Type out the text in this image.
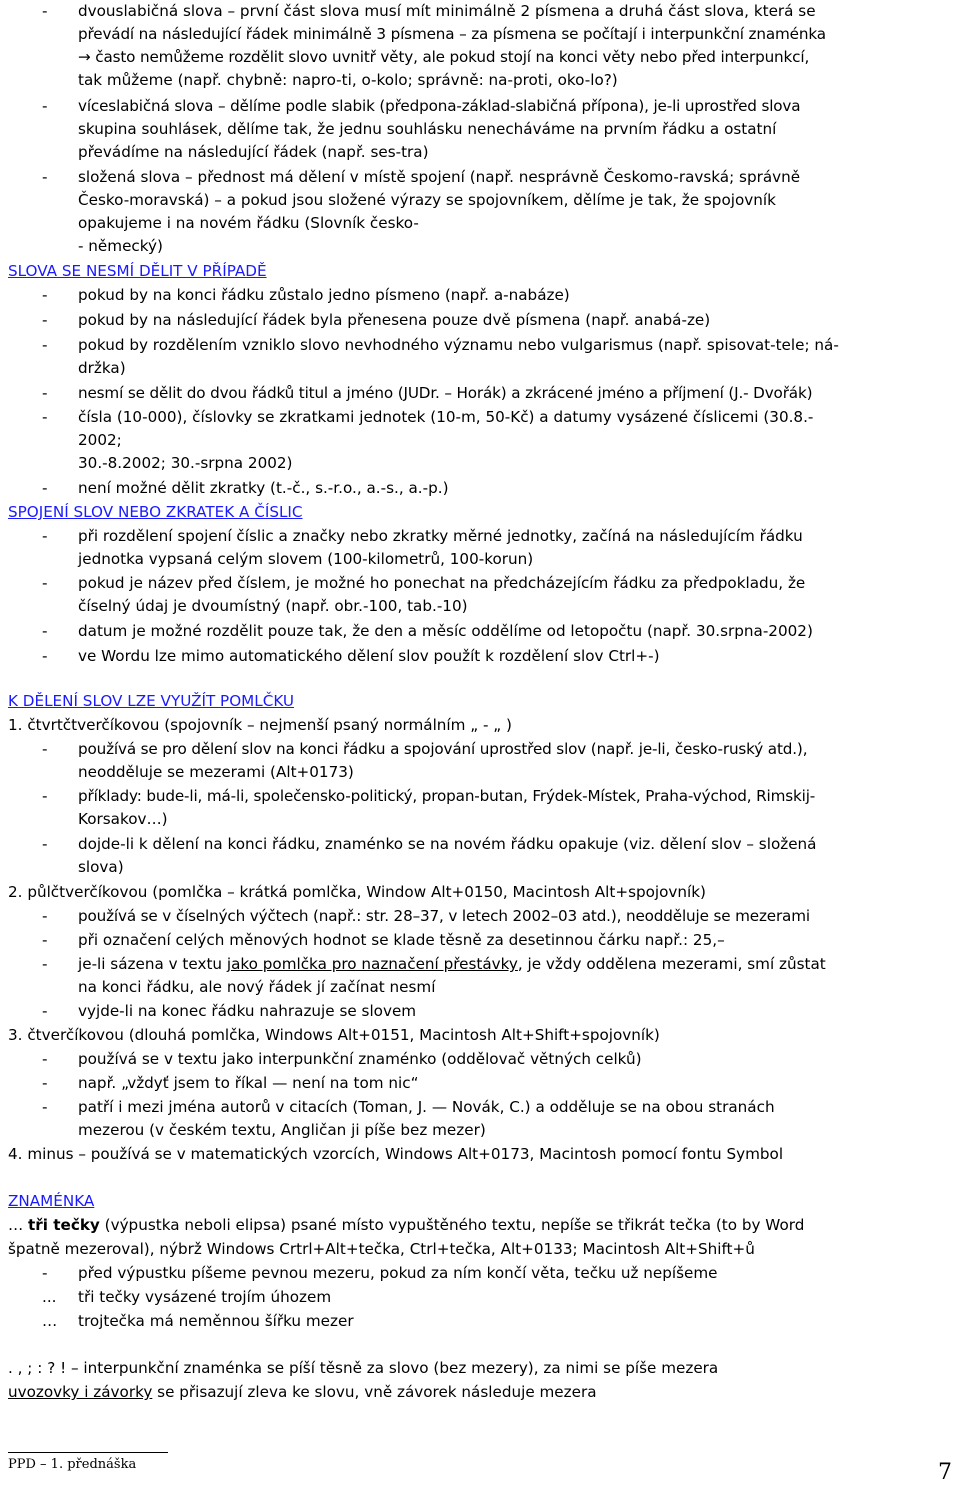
- dvouslabičná slova – první část slova musí mít minimálně 2 písmena a druhá část slova, která se
převádí na následující řádek minimálně 3 písmena – za písmena se počítají i interpunkční znaménka
→ často nemůžeme rozdělit slovo uvnitř věty, ale pokud stojí na konci věty nebo před interpunkcí,
tak můžeme (např. chybně: napro-ti, o-kolo; správně: na-proti, oko-lo?)
- víceslabičná slova – dělíme podle slabik (předpona-základ-slabičná přípona), je-li uprostřed slova
skupina souhlásek, dělíme tak, že jednu souhlásku nenecháváme na prvním řádku a ostatní
převádíme na následující řádek (např. ses-tra)
- složená slova – přednost má dělení v místě spojení (např. nesprávně Českomo-ravská; správně
Česko-moravská) – a pokud jsou složené výrazy se spojovníkem, dělíme je tak, že spojovník
opakujeme i na novém řádku (Slovník česko-
- německý)
- pokud by na konci řádku zůstalo jedno písmeno (např. a-nabáze)
- pokud by na následující řádek byla přenesena pouze dvě písmena (např. anabá-ze)
- pokud by rozdělením vzniklo slovo nevhodného významu nebo vulgarismus (např. spisovat-tele; ná-
držka)
- nesmí se dělit do dvou řádků titul a jméno (JUDr. – Horák) a zkrácené jméno a příjmení (J.- Dvořák)
- čísla (10-000), číslovky se zkratkami jednotek (10-m, 50-Kč) a datumy vysázené číslicemi (30.8.-
2002;
30.-8.2002; 30.-srpna 2002)
- není možné dělit zkratky (t.-č., s.-r.o., a.-s., a.-p.)
- při rozdělení spojení číslic a značky nebo zkratky měrné jednotky, začíná na následujícím řádku
jednotka vypsaná celým slovem (100-kilometrů, 100-korun)
- pokud je název před číslem, je možné ho ponechat na předcházejícím řádku za předpokladu, že
číselný údaj je dvoumístný (např. obr.-100, tab.-10)
- datum je možné rozdělit pouze tak, že den a měsíc oddělíme od letopočtu (např. 30.srpna-2002)
- ve Wordu lze mimo automatického dělení slov použít k rozdělení slov Ctrl+-)
- používá se pro dělení slov na konci řádku a spojování uprostřed slov (např. je-li, česko-ruský atd.),
neodděluje se mezerami (Alt+0173)
- příklady: bude-li, má-li, společensko-politický, propan-butan, Frýdek-Místek, Praha-východ, Rimskij-
Korsakov…)
- dojde-li k dělení na konci řádku, znaménko se na novém řádku opakuje (viz. dělení slov – složená
slova)
- používá se v číselných výčtech (např.: str. 28–37, v letech 2002–03 atd.), neodděluje se mezerami
- při označení celých měnových hodnot se klade těsně za desetinnou čárku např.: 25,–
na konci řádku, ale nový řádek jí začínat nesmí
- vyjde-li na konec řádku nahrazuje se slovem
- používá se v textu jako interpunkční znaménko (oddělovač větných celků)
- např. „vždyť jsem to říkal — není na tom nic“
- patří i mezi jména autorů v citacích (Toman, J. — Novák, C.) a odděluje se na obou stranách
mezerou (v českém textu, Angličan ji píše bez mezer)
- před výpustku píšeme pevnou mezeru, pokud za ním končí věta, tečku už nepíšeme
... tři tečky vysázené trojím úhozem
… trojtečka má neměnnou šířku mezer
SLOVA SE NESMÍ DĚLIT V PŘÍPADĚ
SPOJENÍ SLOV NEBO ZKRATEK A ČÍSLIC
K DĚLENÍ SLOV LZE VYUŽÍT POMLČKU
ZNAMÉNKA
1. čtvrtčtverčíkovou (spojovník – nejmenší psaný normálním „ - „ )
2. půlčtverčíkovou (pomlčka – krátká pomlčka, Window Alt+0150, Macintosh Alt+spojovník)
3. čtverčíkovou (dlouhá pomlčka, Windows Alt+0151, Macintosh Alt+Shift+spojovník)
4. minus – používá se v matematických vzorcích, Windows Alt+0173, Macintosh pomocí fontu Symbol
- je-li sázena v textu jako pomlčka pro naznačení přestávky, je vždy oddělena mezerami, smí zůstat
… tři tečky (výpustka neboli elipsa) psané místo vypuštěného textu, nepíše se třikrát tečka (to by Word
špatně mezeroval), nýbrž Windows Crtrl+Alt+tečka, Ctrl+tečka, Alt+0133; Macintosh Alt+Shift+ů
. , ; : ? ! – interpunkční znaménka se píší těsně za slovo (bez mezery), za nimi se píše mezera
uvozovky i závorky se přisazují zleva ke slovu, vně závorek následuje mezera
PPD – 1. přednáška	7
